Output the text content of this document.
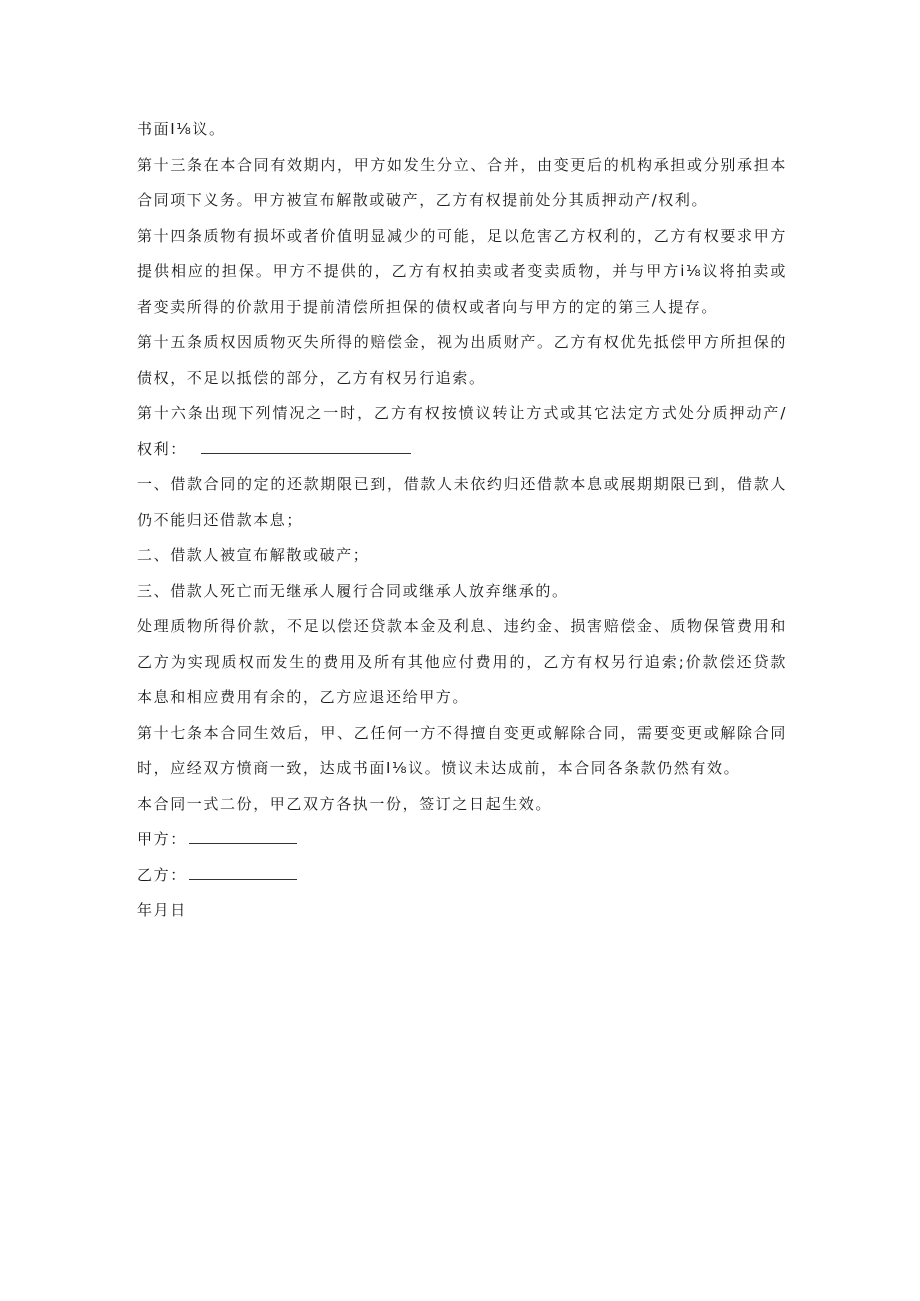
书面I⅛议。

第十三条在本合同有效期内，甲方如发生分立、合并，由变更后的机构承担或分别承担本合同项下义务。甲方被宣布解散或破产，乙方有权提前处分其质押动产/权利。

第十四条质物有损坏或者价值明显减少的可能，足以危害乙方权利的，乙方有权要求甲方提供相应的担保。甲方不提供的，乙方有权拍卖或者变卖质物，并与甲方i⅛议将拍卖或者变卖所得的价款用于提前清偿所担保的债权或者向与甲方的定的第三人提存。

第十五条质权因质物灭失所得的赔偿金，视为出质财产。乙方有权优先抵偿甲方所担保的债权，不足以抵偿的部分，乙方有权另行追索。

第十六条出现下列情况之一时，乙方有权按愤议转让方式或其它法定方式处分质押动产/权利：

一、借款合同的定的还款期限已到，借款人未依约归还借款本息或展期期限已到，借款人仍不能归还借款本息；

二、借款人被宣布解散或破产；

三、借款人死亡而无继承人履行合同或继承人放弃继承的。

处理质物所得价款，不足以偿还贷款本金及利息、违约金、损害赔偿金、质物保管费用和乙方为实现质权而发生的费用及所有其他应付费用的，乙方有权另行追索;价款偿还贷款本息和相应费用有余的，乙方应退还给甲方。

第十七条本合同生效后，甲、乙任何一方不得擅自变更或解除合同，需要变更或解除合同时，应经双方愤商一致，达成书面I⅛议。愤议未达成前，本合同各条款仍然有效。

本合同一式二份，甲乙双方各执一份，签订之日起生效。

甲方：

乙方：

年月日
